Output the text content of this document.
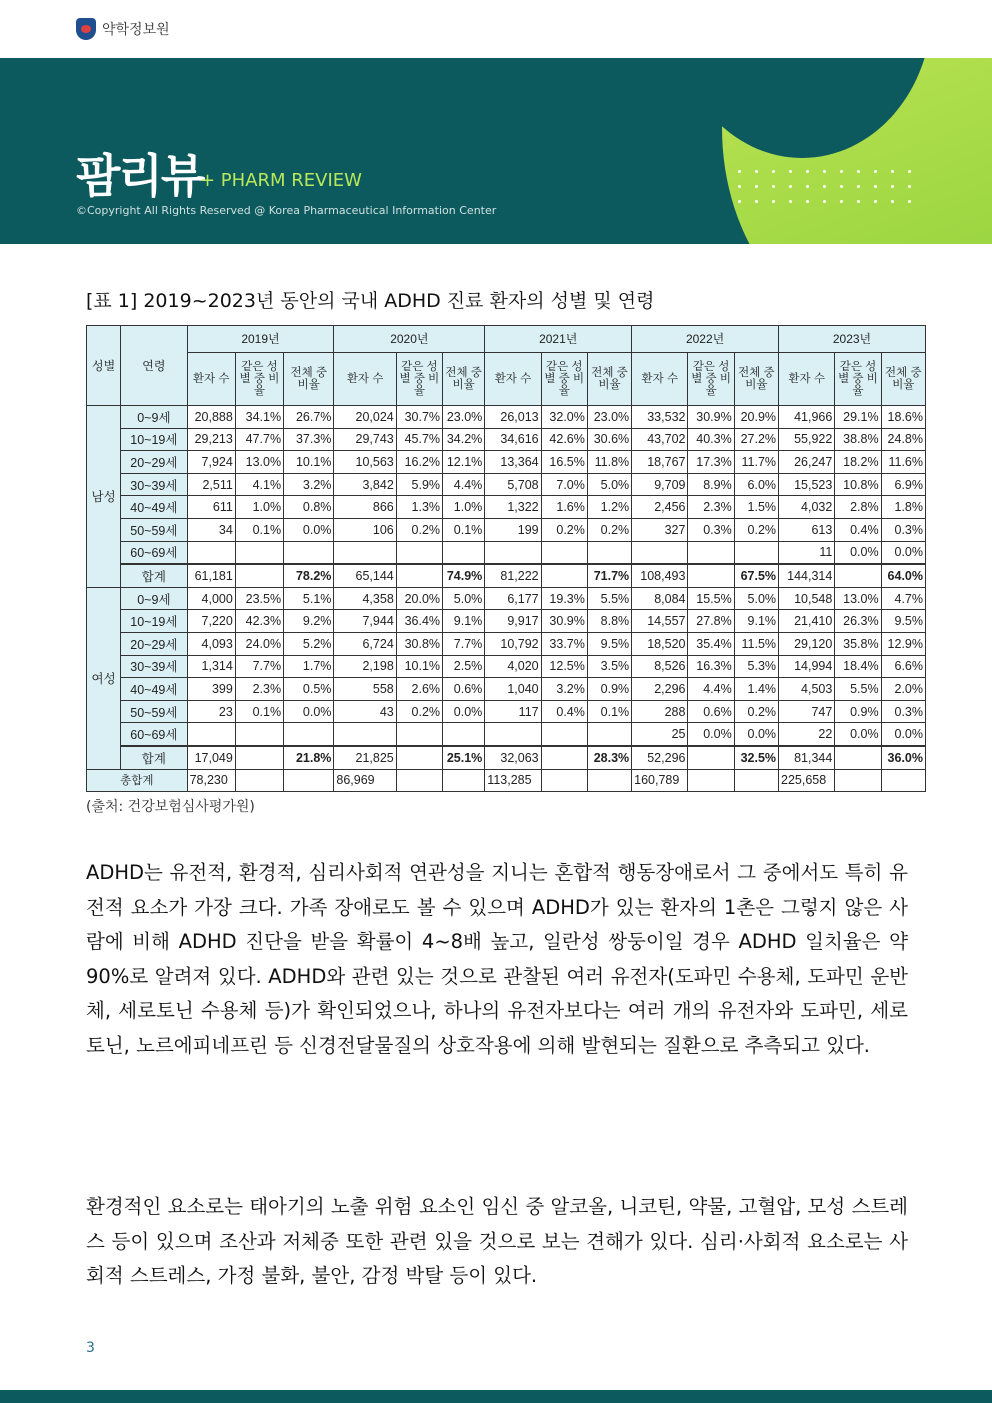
약학정보원
팜리뷰
+ PHARM REVIEW
©Copyright All Rights Reserved @ Korea Pharmaceutical Information Center
[표 1] 2019~2023년 동안의 국내 ADHD 진료 환자의 성별 및 연령
성별	연령	2019년			2020년			2021년			2022년			2023년		
		환자 수	같은 성별 중 비율	전체 중 비율	환자 수	같은 성별 중 비율	전체 중 비율	환자 수	같은 성별 중 비율	전체 중 비율	환자 수	같은 성별 중 비율	전체 중 비율	환자 수	같은 성별 중 비율	전체 중 비율
남성	0~9세	20,888	34.1%	26.7%	20,024	30.7%	23.0%	26,013	32.0%	23.0%	33,532	30.9%	20.9%	41,966	29.1%	18.6%
	10~19세	29,213	47.7%	37.3%	29,743	45.7%	34.2%	34,616	42.6%	30.6%	43,702	40.3%	27.2%	55,922	38.8%	24.8%
	20~29세	7,924	13.0%	10.1%	10,563	16.2%	12.1%	13,364	16.5%	11.8%	18,767	17.3%	11.7%	26,247	18.2%	11.6%
	30~39세	2,511	4.1%	3.2%	3,842	5.9%	4.4%	5,708	7.0%	5.0%	9,709	8.9%	6.0%	15,523	10.8%	6.9%
	40~49세	611	1.0%	0.8%	866	1.3%	1.0%	1,322	1.6%	1.2%	2,456	2.3%	1.5%	4,032	2.8%	1.8%
	50~59세	34	0.1%	0.0%	106	0.2%	0.1%	199	0.2%	0.2%	327	0.3%	0.2%	613	0.4%	0.3%
	60~69세													11	0.0%	0.0%
	합계	61,181		78.2%	65,144		74.9%	81,222		71.7%	108,493		67.5%	144,314		64.0%
여성	0~9세	4,000	23.5%	5.1%	4,358	20.0%	5.0%	6,177	19.3%	5.5%	8,084	15.5%	5.0%	10,548	13.0%	4.7%
	10~19세	7,220	42.3%	9.2%	7,944	36.4%	9.1%	9,917	30.9%	8.8%	14,557	27.8%	9.1%	21,410	26.3%	9.5%
	20~29세	4,093	24.0%	5.2%	6,724	30.8%	7.7%	10,792	33.7%	9.5%	18,520	35.4%	11.5%	29,120	35.8%	12.9%
	30~39세	1,314	7.7%	1.7%	2,198	10.1%	2.5%	4,020	12.5%	3.5%	8,526	16.3%	5.3%	14,994	18.4%	6.6%
	40~49세	399	2.3%	0.5%	558	2.6%	0.6%	1,040	3.2%	0.9%	2,296	4.4%	1.4%	4,503	5.5%	2.0%
	50~59세	23	0.1%	0.0%	43	0.2%	0.0%	117	0.4%	0.1%	288	0.6%	0.2%	747	0.9%	0.3%
	60~69세										25	0.0%	0.0%	22	0.0%	0.0%
	합계	17,049		21.8%	21,825		25.1%	32,063		28.3%	52,296		32.5%	81,344		36.0%
총합계		78,230			86,969			113,285			160,789			225,658		
(출처: 건강보험심사평가원)
ADHD는 유전적, 환경적, 심리사회적 연관성을 지니는 혼합적 행동장애로서 그 중에서도 특히 유전적 요소가 가장 크다. 가족 장애로도 볼 수 있으며 ADHD가 있는 환자의 1촌은 그렇지 않은 사람에 비해 ADHD 진단을 받을 확률이 4~8배 높고, 일란성 쌍둥이일 경우 ADHD 일치율은 약 90%로 알려져 있다. ADHD와 관련 있는 것으로 관찰된 여러 유전자(도파민 수용체, 도파민 운반체, 세로토닌 수용체 등)가 확인되었으나, 하나의 유전자보다는 여러 개의 유전자와 도파민, 세로토닌, 노르에피네프린 등 신경전달물질의 상호작용에 의해 발현되는 질환으로 추측되고 있다.
환경적인 요소로는 태아기의 노출 위험 요소인 임신 중 알코올, 니코틴, 약물, 고혈압, 모성 스트레스 등이 있으며 조산과 저체중 또한 관련 있을 것으로 보는 견해가 있다. 심리·사회적 요소로는 사회적 스트레스, 가정 불화, 불안, 감정 박탈 등이 있다.
3
